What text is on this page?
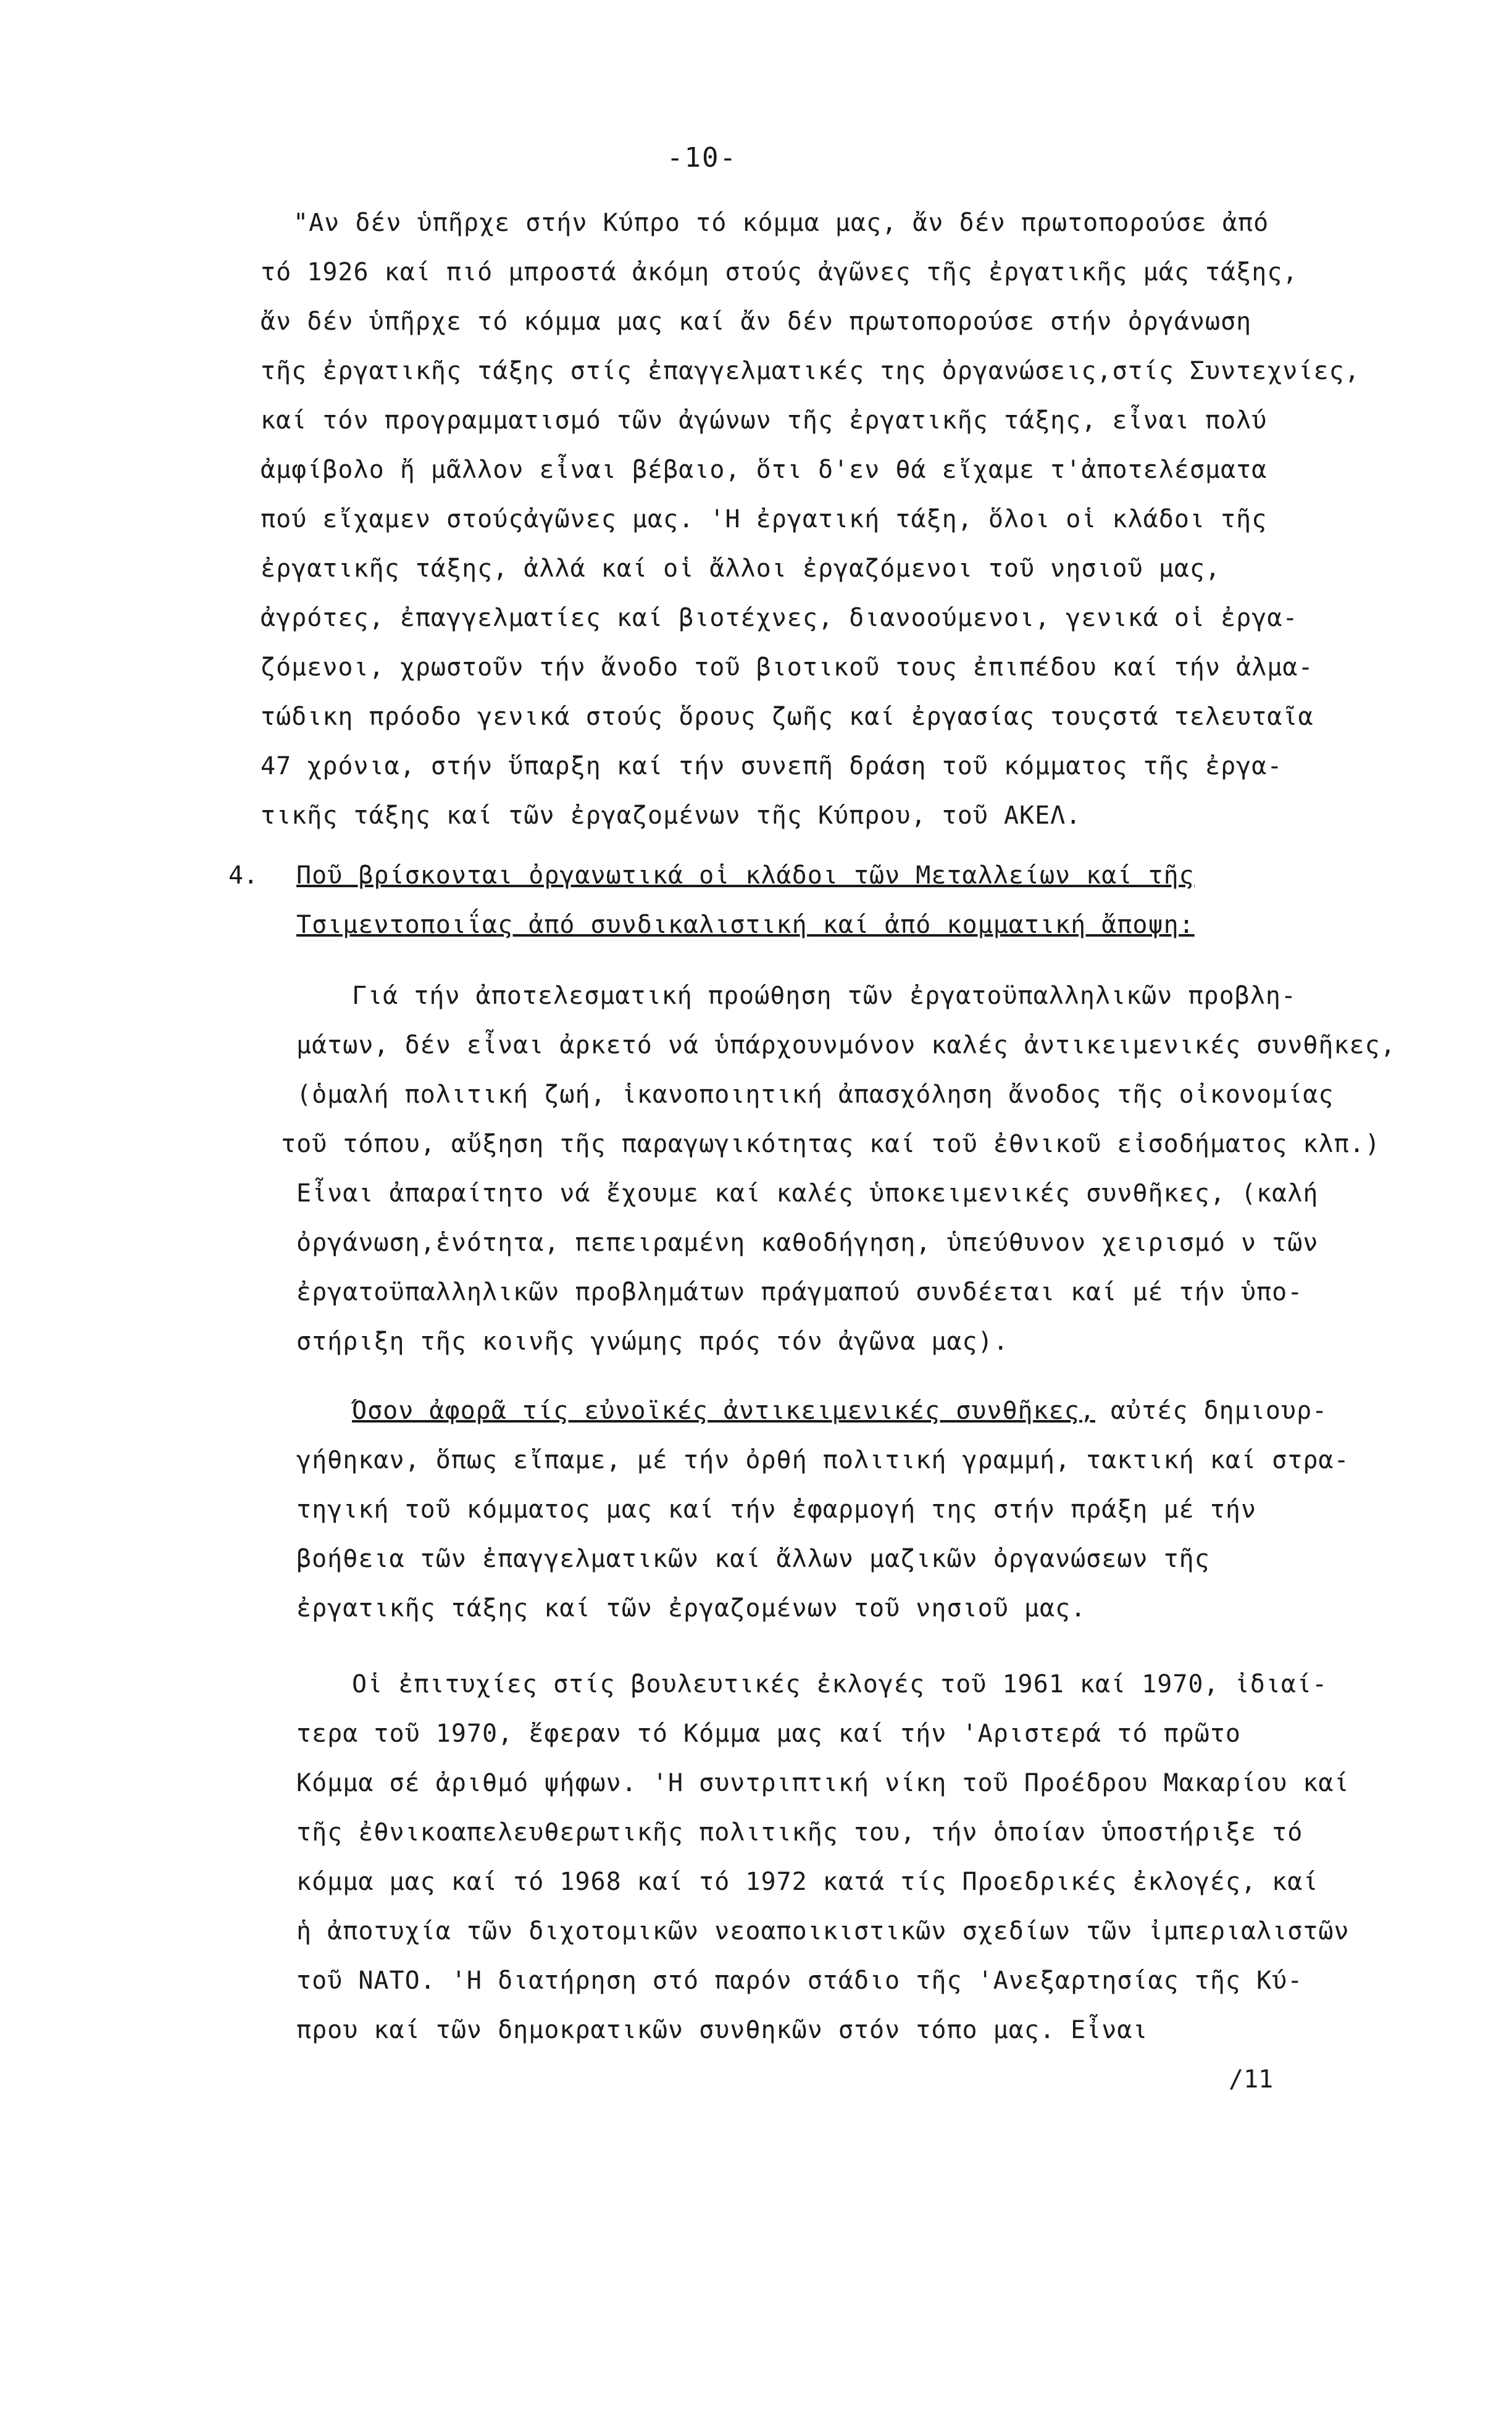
-10-
"Αν δέν ὑπῆρχε στήν Κύπρο τό κόμμα μας, ἄν δέν πρωτοπορούσε ἀπό
τό 1926 καί πιό μπροστά ἀκόμη στούς ἀγῶνες τῆς ἐργατικῆς μάς τάξης,
ἄν δέν ὑπῆρχε τό κόμμα μας καί ἄν δέν πρωτοπορούσε στήν ὀργάνωση
τῆς ἐργατικῆς τάξης στίς ἐπαγγελματικές της ὀργανώσεις,στίς Συντεχνίες,
καί τόν προγραμματισμό τῶν ἀγώνων τῆς ἐργατικῆς τάξης, εἶναι πολύ
ἀμφίβολο ἤ μᾶλλον εἶναι βέβαιο, ὅτι δ'εν θά εἴχαμε τ'ἀποτελέσματα
πού εἴχαμεν στούςἀγῶνες μας. 'Η ἐργατική τάξη, ὅλοι οἱ κλάδοι τῆς
ἐργατικῆς τάξης, ἀλλά καί οἱ ἄλλοι ἐργαζόμενοι τοῦ νησιοῦ μας,
ἀγρότες, ἐπαγγελματίες καί βιοτέχνες, διανοούμενοι, γενικά οἱ ἐργα-
ζόμενοι, χρωστοῦν τήν ἄνοδο τοῦ βιοτικοῦ τους ἐπιπέδου καί τήν ἀλμα-
τώδικη πρόοδο γενικά στούς ὅρους ζωῆς καί ἐργασίας τουςστά τελευταῖα
47 χρόνια, στήν ὕπαρξη καί τήν συνεπῆ δράση τοῦ κόμματος τῆς ἐργα-
τικῆς τάξης καί τῶν ἐργαζομένων τῆς Κύπρου, τοῦ ΑΚΕΛ.
4. Ποῦ βρίσκονται ὀργανωτικά οἱ κλάδοι τῶν Μεταλλείων καί τῆς
Τσιμεντοποιΐας ἀπό συνδικαλιστική καί ἀπό κομματική ἄποψη:
Γιά τήν ἀποτελεσματική προώθηση τῶν ἐργατοϋπαλληλικῶν προβλη-
μάτων, δέν εἶναι ἀρκετό νά ὑπάρχουνμόνον καλές ἀντικειμενικές συνθῆκες,
(ὁμαλή πολιτική ζωή, ἱκανοποιητική ἀπασχόληση ἄνοδος τῆς οἰκονομίας
τοῦ τόπου, αὔξηση τῆς παραγωγικότητας καί τοῦ ἐθνικοῦ εἰσοδήματος κλπ.)
Εἶναι ἀπαραίτητο νά ἔχουμε καί καλές ὑποκειμενικές συνθῆκες, (καλή
ὀργάνωση,ἑνότητα, πεπειραμένη καθοδήγηση, ὑπεύθυνον χειρισμό ν τῶν
ἐργατοϋπαλληλικῶν προβλημάτων πράγμαπού συνδέεται καί μέ τήν ὑπο-
στήριξη τῆς κοινῆς γνώμης πρός τόν ἀγῶνα μας).
Όσον ἀφορᾶ τίς εὐνοϊκές ἀντικειμενικές συνθῆκες, αὐτές δημιουρ-
γήθηκαν, ὅπως εἴπαμε, μέ τήν ὀρθή πολιτική γραμμή, τακτική καί στρα-
τηγική τοῦ κόμματος μας καί τήν ἐφαρμογή της στήν πράξη μέ τήν
βοήθεια τῶν ἐπαγγελματικῶν καί ἄλλων μαζικῶν ὀργανώσεων τῆς
ἐργατικῆς τάξης καί τῶν ἐργαζομένων τοῦ νησιοῦ μας.
Οἱ ἐπιτυχίες στίς βουλευτικές ἐκλογές τοῦ 1961 καί 1970, ἰδιαί-
τερα τοῦ 1970, ἔφεραν τό Κόμμα μας καί τήν 'Αριστερά τό πρῶτο
Κόμμα σέ ἀριθμό ψήφων. 'Η συντριπτική νίκη τοῦ Προέδρου Μακαρίου καί
τῆς ἐθνικοαπελευθερωτικῆς πολιτικῆς του, τήν ὁποίαν ὑποστήριξε τό
κόμμα μας καί τό 1968 καί τό 1972 κατά τίς Προεδρικές ἐκλογές, καί
ἡ ἀποτυχία τῶν διχοτομικῶν νεοαποικιστικῶν σχεδίων τῶν ἰμπεριαλιστῶν
τοῦ ΝΑΤΟ. 'Η διατήρηση στό παρόν στάδιο τῆς 'Ανεξαρτησίας τῆς Κύ-
πρου καί τῶν δημοκρατικῶν συνθηκῶν στόν τόπο μας. Εἶναι
/11
